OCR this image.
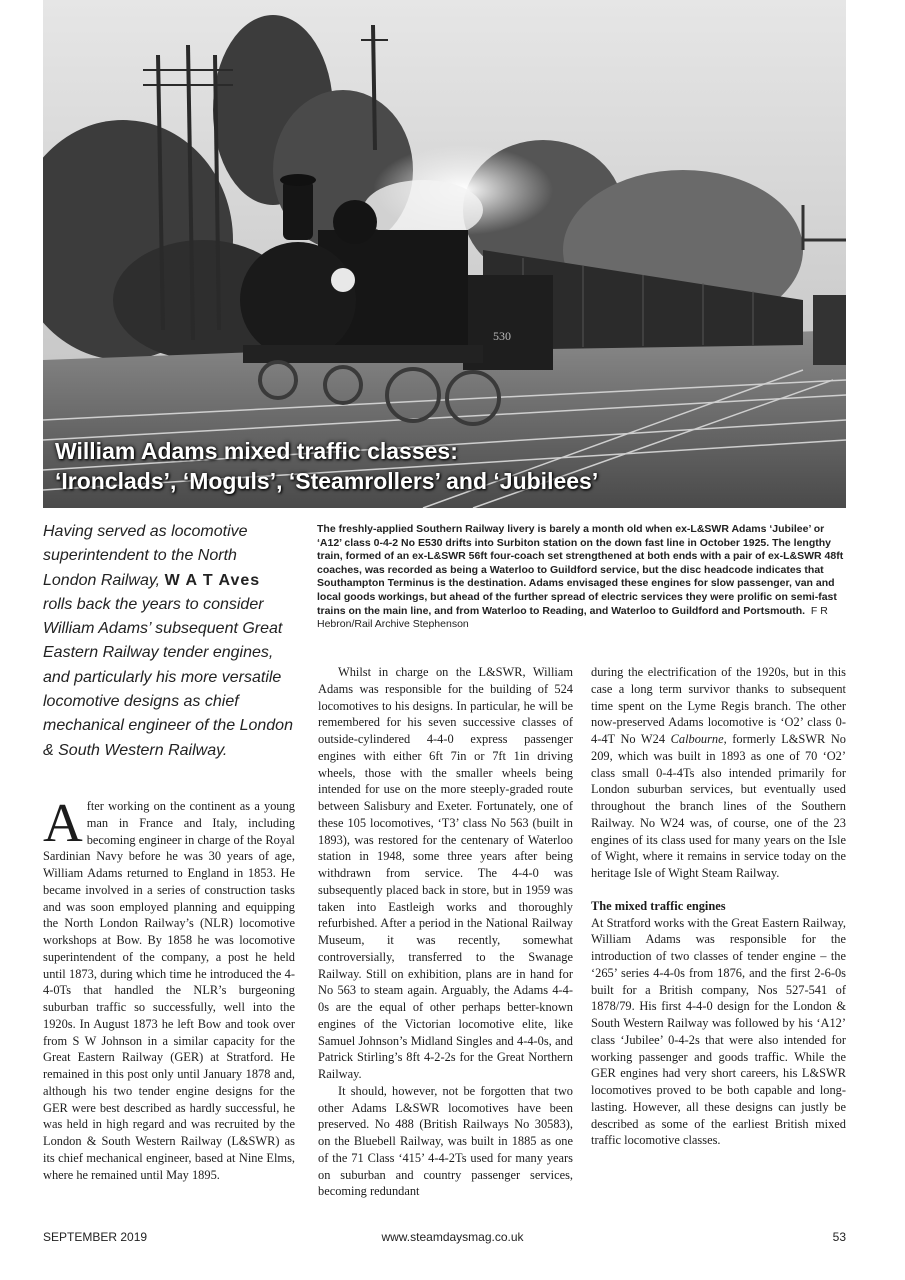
530
William Adams mixed traffic classes:
‘Ironclads’, ‘Moguls’, ‘Steamrollers’ and ‘Jubilees’
Having served as locomotive superintendent to the North London Railway, W A T Aves rolls back the years to consider William Adams’ subsequent Great Eastern Railway tender engines, and particularly his more versatile locomotive designs as chief mechanical engineer of the London & South Western Railway.
The freshly-applied Southern Railway livery is barely a month old when ex-L&SWR Adams ‘Jubilee’ or ‘A12’ class 0-4-2 No E530 drifts into Surbiton station on the down fast line in October 1925. The lengthy train, formed of an ex-L&SWR 56ft four-coach set strengthened at both ends with a pair of ex-L&SWR 48ft coaches, was recorded as being a Waterloo to Guildford service, but the disc headcode indicates that Southampton Terminus is the destination. Adams envisaged these engines for slow passenger, van and local goods workings, but ahead of the further spread of electric services they were prolific on semi-fast trains on the main line, and from Waterloo to Reading, and Waterloo to Guildford and Portsmouth. F R Hebron/Rail Archive Stephenson

After working on the continent as a young man in France and Italy, including becoming engineer in charge of the Royal Sardinian Navy before he was 30 years of age, William Adams returned to England in 1853. He became involved in a series of construction tasks and was soon employed planning and equipping the North London Railway’s (NLR) locomotive workshops at Bow. By 1858 he was locomotive superintendent of the company, a post he held until 1873, during which time he introduced the 4-4-0Ts that handled the NLR’s burgeoning suburban traffic so successfully, well into the 1920s. In August 1873 he left Bow and took over from S W Johnson in a similar capacity for the Great Eastern Railway (GER) at Stratford. He remained in this post only until January 1878 and, although his two tender engine designs for the GER were best described as hardly successful, he was held in high regard and was recruited by the London & South Western Railway (L&SWR) as its chief mechanical engineer, based at Nine Elms, where he remained until May 1895.

Whilst in charge on the L&SWR, William Adams was responsible for the building of 524 locomotives to his designs. In particular, he will be remembered for his seven successive classes of outside-cylindered 4-4-0 express passenger engines with either 6ft 7in or 7ft 1in driving wheels, those with the smaller wheels being intended for use on the more steeply-graded route between Salisbury and Exeter. Fortunately, one of these 105 locomotives, ‘T3’ class No 563 (built in 1893), was restored for the centenary of Waterloo station in 1948, some three years after being withdrawn from service. The 4-4-0 was subsequently placed back in store, but in 1959 was taken into Eastleigh works and thoroughly refurbished. After a period in the National Railway Museum, it was recently, somewhat controversially, transferred to the Swanage Railway. Still on exhibition, plans are in hand for No 563 to steam again. Arguably, the Adams 4-4-0s are the equal of other perhaps better-known engines of the Victorian locomotive elite, like Samuel Johnson’s Midland Singles and 4-4-0s, and Patrick Stirling’s 8ft 4-2-2s for the Great Northern Railway.

It should, however, not be forgotten that two other Adams L&SWR locomotives have been preserved. No 488 (British Railways No 30583), on the Bluebell Railway, was built in 1885 as one of the 71 Class ‘415’ 4-4-2Ts used for many years on suburban and country passenger services, becoming redundant

during the electrification of the 1920s, but in this case a long term survivor thanks to subsequent time spent on the Lyme Regis branch. The other now-preserved Adams locomotive is ‘O2’ class 0-4-4T No W24 Calbourne, formerly L&SWR No 209, which was built in 1893 as one of 70 ‘O2’ class small 0-4-4Ts also intended primarily for London suburban services, but eventually used throughout the branch lines of the Southern Railway. No W24 was, of course, one of the 23 engines of its class used for many years on the Isle of Wight, where it remains in service today on the heritage Isle of Wight Steam Railway.

The mixed traffic engines

At Stratford works with the Great Eastern Railway, William Adams was responsible for the introduction of two classes of tender engine – the ‘265’ series 4-4-0s from 1876, and the first 2-6-0s built for a British company, Nos 527-541 of 1878/79. His first 4-4-0 design for the London & South Western Railway was followed by his ‘A12’ class ‘Jubilee’ 0-4-2s that were also intended for working passenger and goods traffic. While the GER engines had very short careers, his L&SWR locomotives proved to be both capable and long-lasting. However, all these designs can justly be described as some of the earliest British mixed traffic locomotive classes.

SEPTEMBER 2019	www.steamdaysmag.co.uk	53
